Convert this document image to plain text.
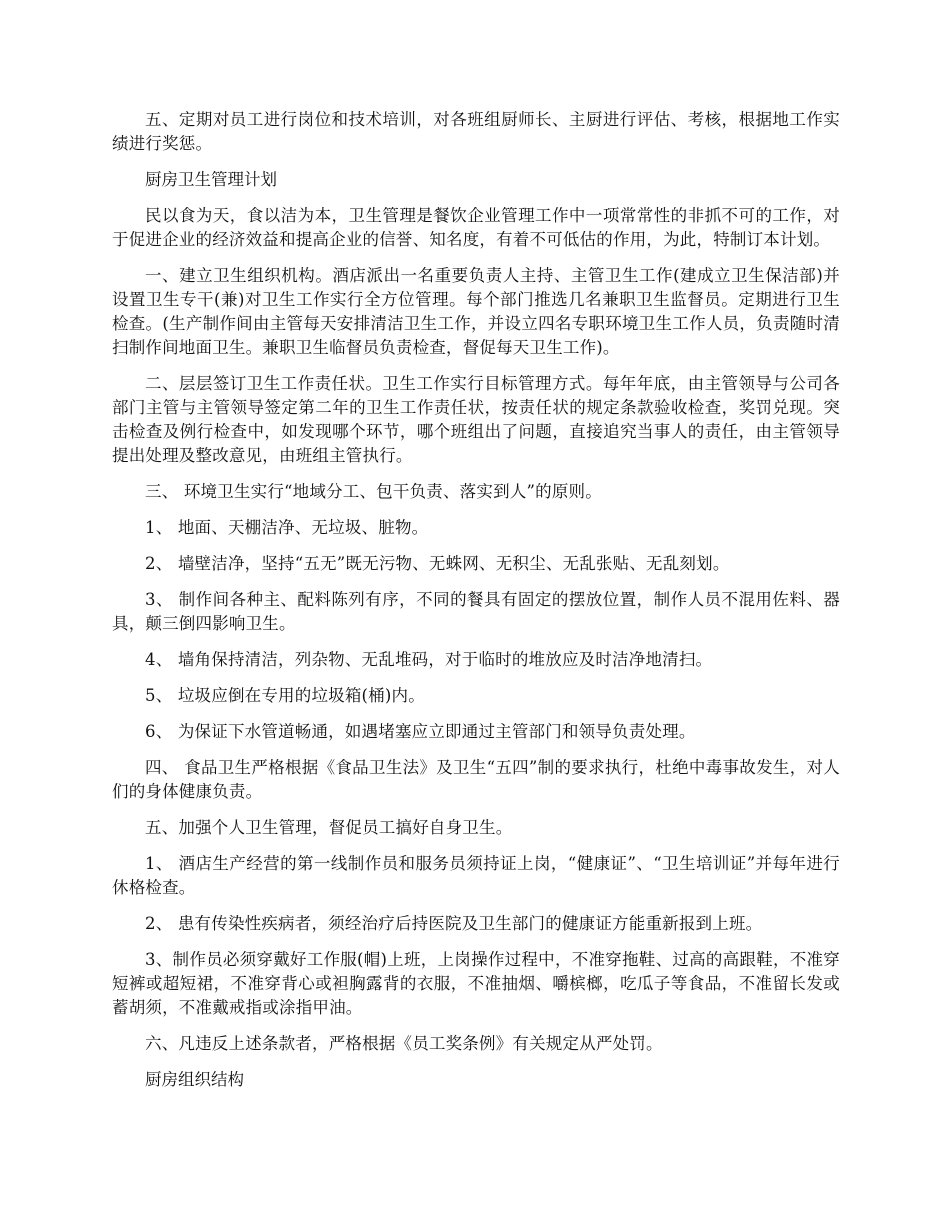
五、定期对员工进行岗位和技术培训，对各班组厨师长、主厨进行评估、考核，根据地工作实绩进行奖惩。

厨房卫生管理计划

民以食为天，食以洁为本，卫生管理是餐饮企业管理工作中一项常常性的非抓不可的工作，对于促进企业的经济效益和提高企业的信誉、知名度，有着不可低估的作用，为此，特制订本计划。

一、建立卫生组织机构。酒店派出一名重要负责人主持、主管卫生工作(建成立卫生保洁部)并设置卫生专干(兼)对卫生工作实行全方位管理。每个部门推选几名兼职卫生监督员。定期进行卫生检查。(生产制作间由主管每天安排清洁卫生工作，并设立四名专职环境卫生工作人员，负责随时清扫制作间地面卫生。兼职卫生临督员负责检查，督促每天卫生工作)。

二、层层签订卫生工作责任状。卫生工作实行目标管理方式。每年年底，由主管领导与公司各部门主管与主管领导签定第二年的卫生工作责任状，按责任状的规定条款验收检查，奖罚兑现。突击检查及例行检查中，如发现哪个环节，哪个班组出了问题，直接追究当事人的责任，由主管领导提出处理及整改意见，由班组主管执行。

三、 环境卫生实行“地域分工、包干负责、落实到人”的原则。

1、 地面、天棚洁净、无垃圾、脏物。

2、 墙壁洁净，坚持“五无”既无污物、无蛛网、无积尘、无乱张贴、无乱刻划。

3、 制作间各种主、配料陈列有序，不同的餐具有固定的摆放位置，制作人员不混用佐料、器具，颠三倒四影响卫生。

4、 墙角保持清洁，列杂物、无乱堆码，对于临时的堆放应及时洁净地清扫。

5、 垃圾应倒在专用的垃圾箱(桶)内。

6、 为保证下水管道畅通，如遇堵塞应立即通过主管部门和领导负责处理。

四、 食品卫生严格根据《食品卫生法》及卫生“五四”制的要求执行，杜绝中毒事故发生，对人们的身体健康负责。

五、加强个人卫生管理，督促员工搞好自身卫生。

1、 酒店生产经营的第一线制作员和服务员须持证上岗，“健康证”、“卫生培训证”并每年进行休格检查。

2、 患有传染性疾病者，须经治疗后持医院及卫生部门的健康证方能重新报到上班。

3、制作员必须穿戴好工作服(帽)上班，上岗操作过程中，不准穿拖鞋、过高的高跟鞋，不准穿短裤或超短裙，不准穿背心或袒胸露背的衣服，不准抽烟、嚼槟榔，吃瓜子等食品，不准留长发或蓄胡须，不准戴戒指或涂指甲油。

六、凡违反上述条款者，严格根据《员工奖条例》有关规定从严处罚。

厨房组织结构
